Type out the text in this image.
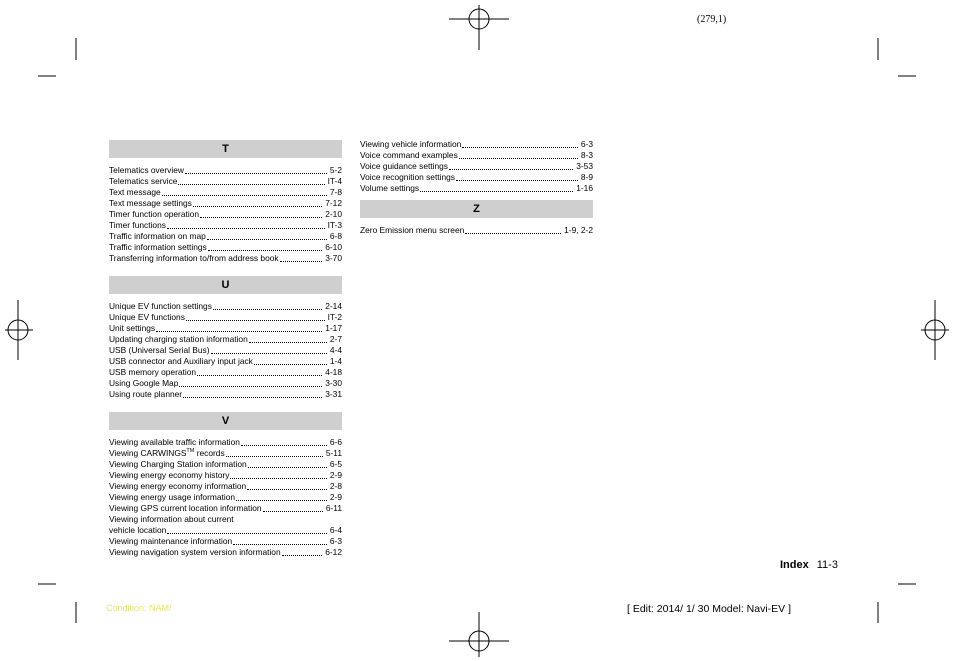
(279,1)
T
Telematics overview	5-2
Telematics service	IT-4
Text message	7-8
Text message settings	7-12
Timer function operation	2-10
Timer functions	IT-3
Traffic information on map	6-8
Traffic information settings	6-10
Transferring information to/from address book	3-70
U
Unique EV function settings	2-14
Unique EV functions	IT-2
Unit settings	1-17
Updating charging station information	2-7
USB (Universal Serial Bus)	4-4
USB connector and Auxiliary input jack	1-4
USB memory operation	4-18
Using Google Map	3-30
Using route planner	3-31
V
Viewing available traffic information	6-6
Viewing CARWINGS™ records	5-11
Viewing Charging Station information	6-5
Viewing energy economy history	2-9
Viewing energy economy information	2-8
Viewing energy usage information	2-9
Viewing GPS current location information	6-11
Viewing information about current
vehicle location	6-4
Viewing maintenance information	6-3
Viewing navigation system version information	6-12
Viewing vehicle information	6-3
Voice command examples	8-3
Voice guidance settings	3-53
Voice recognition settings	8-9
Volume settings	1-16
Z
Zero Emission menu screen	1-9, 2-2
Index 11-3
Condition: NAM/	[ Edit: 2014/ 1/ 30 Model: Navi-EV ]
